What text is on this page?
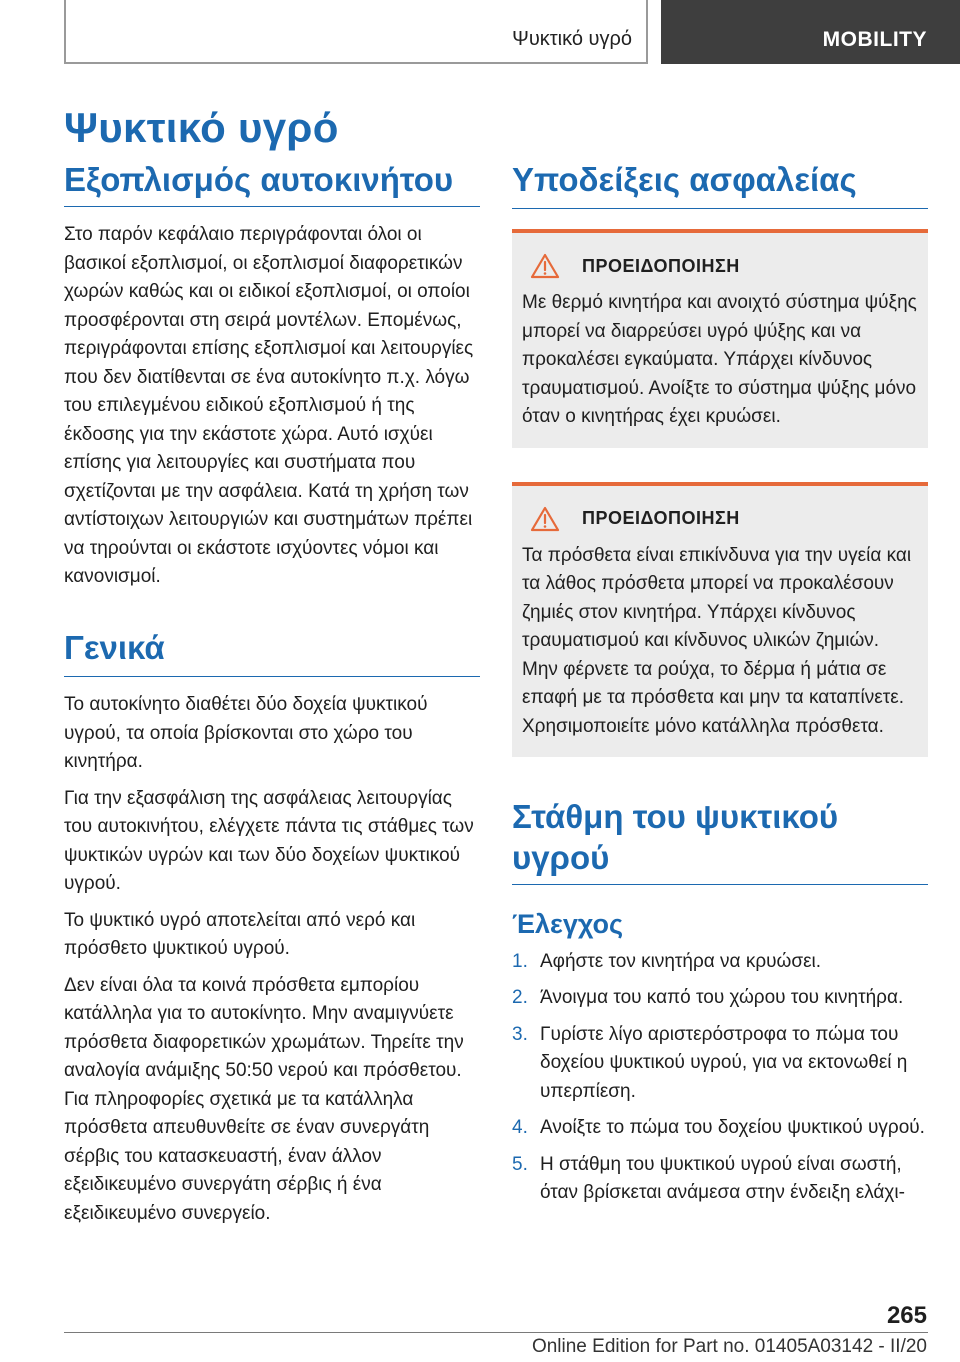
Ψυκτικό υγρό	MOBILITY
Ψυκτικό υγρό
Εξοπλισμός αυτοκινήτου

Στο παρόν κεφάλαιο περιγράφονται όλοι οι βασικοί εξοπλισμοί, οι εξοπλισμοί διαφορετικών χωρών καθώς και οι ειδικοί εξοπλισμοί, οι οποίοι προσφέρονται στη σειρά μοντέλων. Επομένως, περιγράφονται επίσης εξοπλισμοί και λειτουργίες που δεν διατίθενται σε ένα αυτοκίνητο π.χ. λόγω του επιλεγμένου ειδικού εξοπλισμού ή της έκδοσης για την εκάστοτε χώρα. Αυτό ισχύει επίσης για λειτουργίες και συστήματα που σχετίζονται με την ασφάλεια. Κατά τη χρήση των αντίστοιχων λειτουργιών και συστημάτων πρέπει να τηρούνται οι εκάστοτε ισχύοντες νόμοι και κανονισμοί.

Γενικά

Το αυτοκίνητο διαθέτει δύο δοχεία ψυκτικού υγρού, τα οποία βρίσκονται στο χώρο του κινητήρα.

Για την εξασφάλιση της ασφάλειας λειτουργίας του αυτοκινήτου, ελέγχετε πάντα τις στάθμες των ψυκτικών υγρών και των δύο δοχείων ψυκτικού υγρού.

Το ψυκτικό υγρό αποτελείται από νερό και πρόσθετο ψυκτικού υγρού.

Δεν είναι όλα τα κοινά πρόσθετα εμπορίου κατάλληλα για το αυτοκίνητο. Μην αναμιγνύετε πρόσθετα διαφορετικών χρωμάτων. Τηρείτε την αναλογία ανάμιξης 50:50 νερού και πρόσθετου. Για πληροφορίες σχετικά με τα κατάλληλα πρόσθετα απευθυνθείτε σε έναν συνεργάτη σέρβις του κατασκευαστή, έναν άλλον εξειδικευμένο συνεργάτη σέρβις ή ένα εξειδικευμένο συνεργείο.

Υποδείξεις ασφαλείας
ΠΡΟΕΙΔΟΠΟΙΗΣΗ

Με θερμό κινητήρα και ανοιχτό σύστημα ψύξης μπορεί να διαρρεύσει υγρό ψύξης και να προκαλέσει εγκαύματα. Υπάρχει κίνδυνος τραυματισμού. Ανοίξτε το σύστημα ψύξης μόνο όταν ο κινητήρας έχει κρυώσει.

ΠΡΟΕΙΔΟΠΟΙΗΣΗ

Τα πρόσθετα είναι επικίνδυνα για την υγεία και τα λάθος πρόσθετα μπορεί να προκαλέσουν ζημιές στον κινητήρα. Υπάρχει κίνδυνος τραυματισμού και κίνδυνος υλικών ζημιών. Μην φέρνετε τα ρούχα, το δέρμα ή μάτια σε επαφή με τα πρόσθετα και μην τα καταπίνετε. Χρησιμοποιείτε μόνο κατάλληλα πρόσθετα.

Στάθμη του ψυκτικού υγρού
Έλεγχος
1. Αφήστε τον κινητήρα να κρυώσει.
2. Άνοιγμα του καπό του χώρου του κινητήρα.
3. Γυρίστε λίγο αριστερόστροφα το πώμα του δοχείου ψυκτικού υγρού, για να εκτονωθεί η υπερπίεση.
4. Ανοίξτε το πώμα του δοχείου ψυκτικού υγρού.
5. Η στάθμη του ψυκτικού υγρού είναι σωστή, όταν βρίσκεται ανάμεσα στην ένδειξη ελάχι-
265
Online Edition for Part no. 01405A03142 - II/20
